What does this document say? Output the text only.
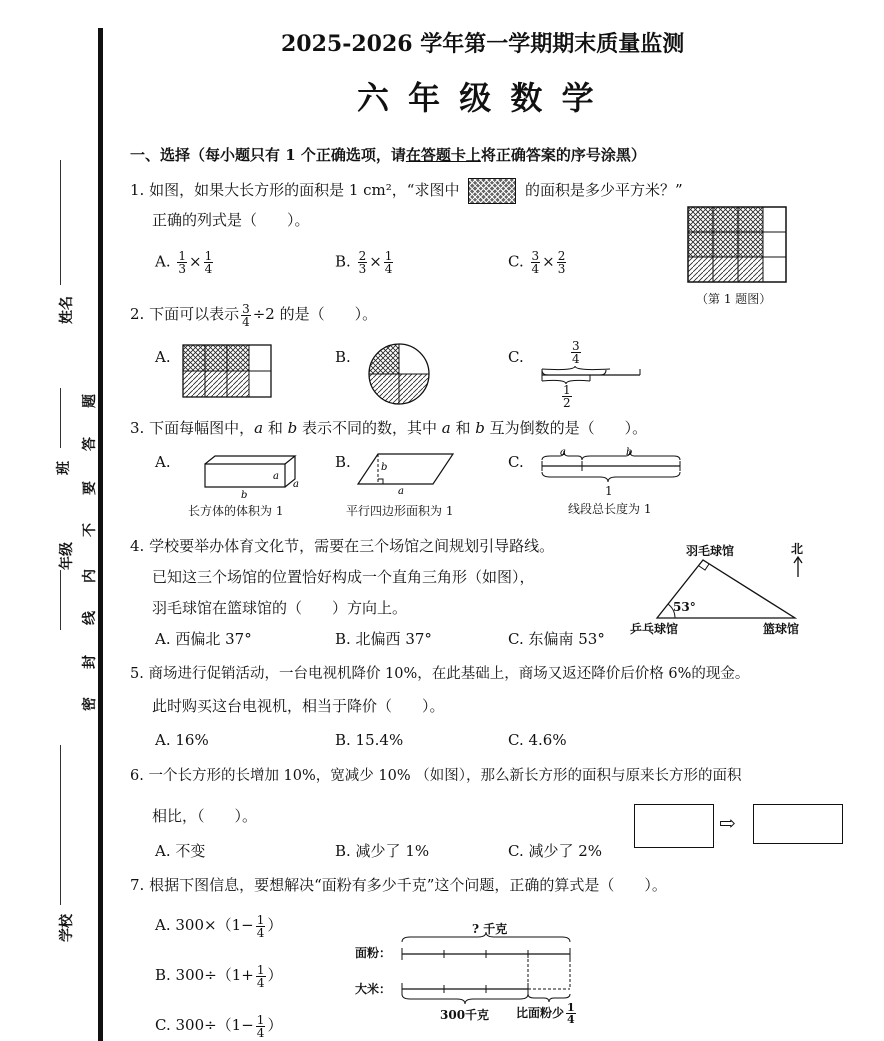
姓名
年级
班
学校
密
封
线
内
不
要
答
题
2025-2026 学年第一学期期末质量监测
六 年 级 数 学
一、选择（每小题只有 1 个正确选项，请在答题卡上将正确答案的序号涂黑）
1. 如图，如果大长方形的面积是 1 cm²，“求图中	的面积是多少平方米？”
正确的列式是（　　）。
A. $\frac{1}{3} \times \frac{1}{4}$	B. $\frac{2}{3} \times \frac{1}{4}$	C. $\frac{3}{4} \times \frac{2}{3}$
（第 1 题图）
2. 下面可以表示 $\frac{3}{4} \div 2$ 的是（　　）。
A.	B.	C.	$\frac{3}{4}$
$\frac{1}{2}$
3. 下面每幅图中，a 和 b 表示不同的数，其中 a 和 b 互为倒数的是（　　）。
A.
a
a
b
长方体的体积为 1
B.	b
a
平行四边形面积为 1
C.
a	b
1
线段总长度为 1
4. 学校要举办体育文化节，需要在三个场馆之间规划引导路线。
已知这三个场馆的位置恰好构成一个直角三角形（如图），
羽毛球馆在篮球馆的（　　）方向上。
A. 西偏北 37°	B. 北偏西 37°	C. 东偏南 53°
羽毛球馆
乒乓球馆	篮球馆
53°
北
5. 商场进行促销活动，一台电视机降价 10%，在此基础上，商场又返还降价后价格 6%的现金。
此时购买这台电视机，相当于降价（　　）。
A. 16%	B. 15.4%	C. 4.6%
6. 一个长方形的长增加 10%，宽减少 10% （如图），那么新长方形的面积与原来长方形的面积
相比，（　　）。	⇨
A. 不变	B. 减少了 1%	C. 减少了 2%
7. 根据下图信息，要想解决“面粉有多少千克”这个问题，正确的算式是（　　）。
A. $300\times(1- \frac{1}{4}$ ）
B. $300\div(1+ \frac{1}{4}$ ）
C. $300\div(1- \frac{1}{4}$ ）
? 千克
面粉：
大米：
300千克 比面粉少 $\frac{1}{4}$
